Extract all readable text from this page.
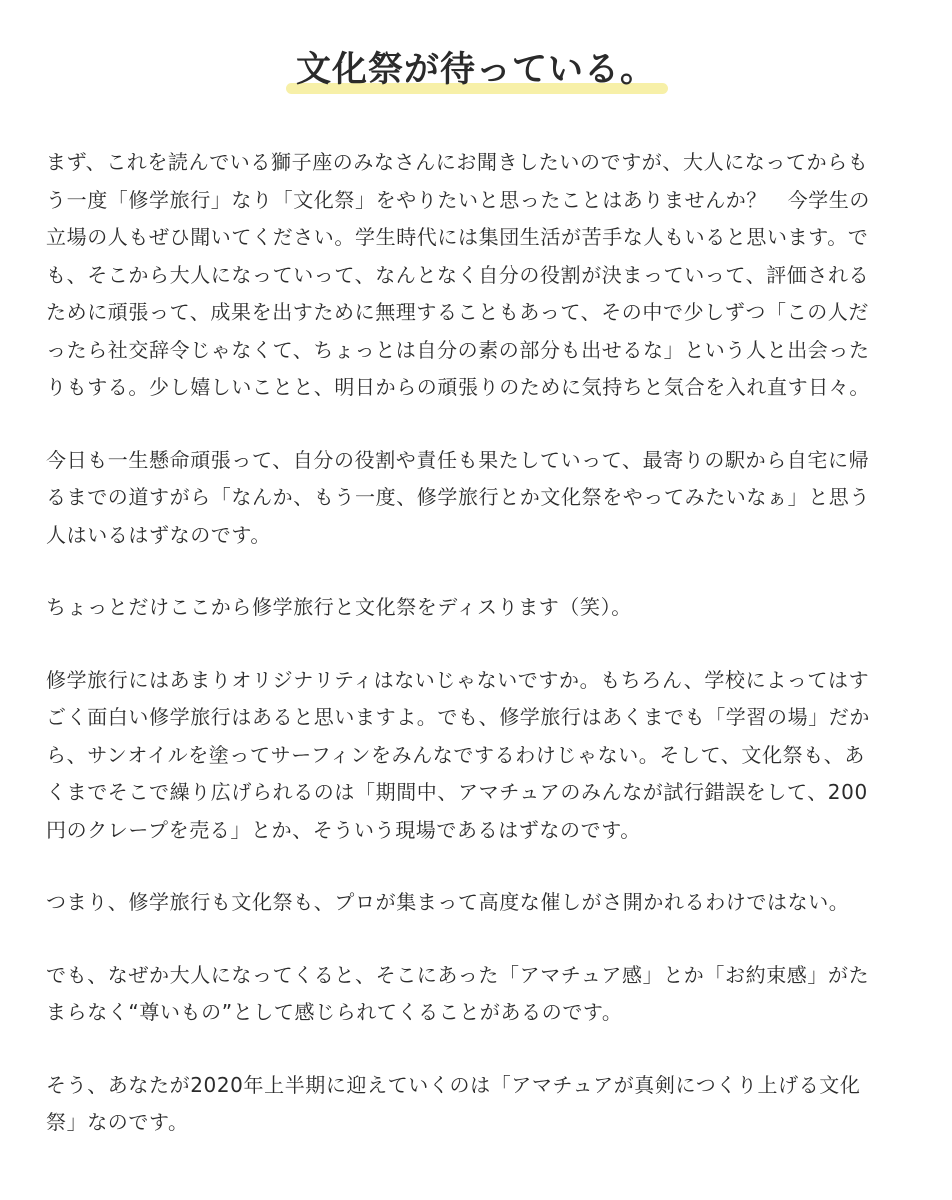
文化祭が待っている。

まず、これを読んでいる獅子座のみなさんにお聞きしたいのですが、大人になってからも
う一度「修学旅行」なり「文化祭」をやりたいと思ったことはありませんか？　今学生の
立場の人もぜひ聞いてください。学生時代には集団生活が苦手な人もいると思います。で
も、そこから大人になっていって、なんとなく自分の役割が決まっていって、評価される
ために頑張って、成果を出すために無理することもあって、その中で少しずつ「この人だ
ったら社交辞令じゃなくて、ちょっとは自分の素の部分も出せるな」という人と出会った
りもする。少し嬉しいことと、明日からの頑張りのために気持ちと気合を入れ直す日々。

今日も一生懸命頑張って、自分の役割や責任も果たしていって、最寄りの駅から自宅に帰
るまでの道すがら「なんか、もう一度、修学旅行とか文化祭をやってみたいなぁ」と思う
人はいるはずなのです。

ちょっとだけここから修学旅行と文化祭をディスります（笑）。

修学旅行にはあまりオリジナリティはないじゃないですか。もちろん、学校によってはす
ごく面白い修学旅行はあると思いますよ。でも、修学旅行はあくまでも「学習の場」だか
ら、サンオイルを塗ってサーフィンをみんなでするわけじゃない。そして、文化祭も、あ
くまでそこで繰り広げられるのは「期間中、アマチュアのみんなが試行錯誤をして、200
円のクレープを売る」とか、そういう現場であるはずなのです。

つまり、修学旅行も文化祭も、プロが集まって高度な催しがさ開かれるわけではない。

でも、なぜか大人になってくると、そこにあった「アマチュア感」とか「お約束感」がた
まらなく“尊いもの”として感じられてくることがあるのです。

そう、あなたが2020年上半期に迎えていくのは「アマチュアが真剣につくり上げる文化
祭」なのです。
